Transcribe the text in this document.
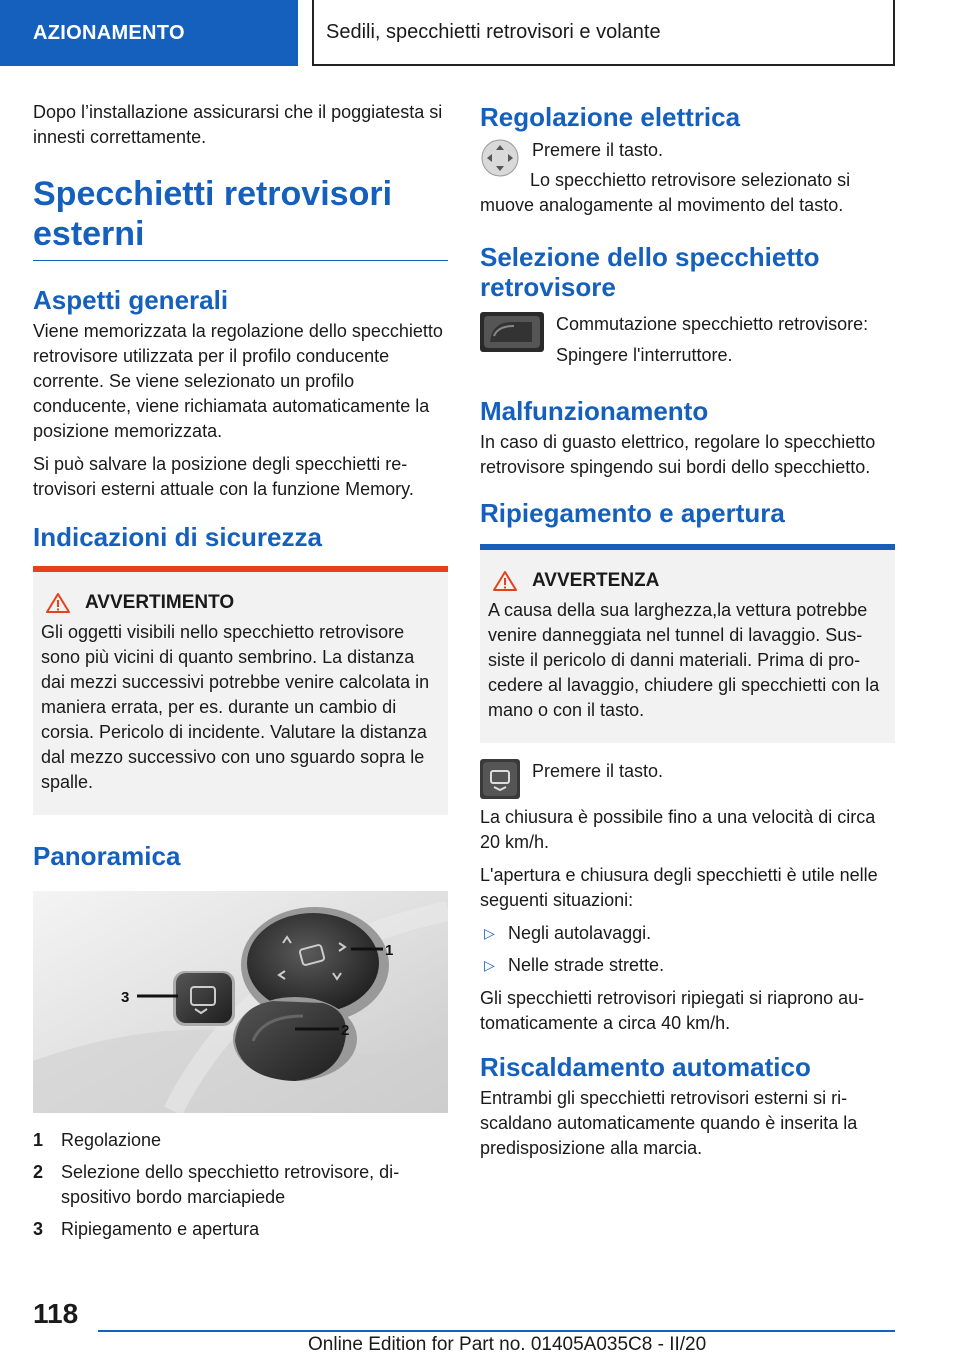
AZIONAMENTO	Sedili, specchietti retrovisori e volante

Dopo l’installazione assicurarsi che il poggiatesta si innesti correttamente.

Specchietti retrovisori esterni
Aspetti generali

Viene memorizzata la regolazione dello specchietto retrovisore utilizzata per il profilo conducente corrente. Se viene selezionato un profilo conducente, viene richiamata automaticamente la posizione memorizzata.

Si può salvare la posizione degli specchietti retrovisori esterni attuale con la funzione Memory.

Indicazioni di sicurezza
AVVERTIMENTO

Gli oggetti visibili nello specchietto retrovisore sono più vicini di quanto sembrino. La distanza dai mezzi successivi potrebbe venire calcolata in maniera errata, per es. durante un cambio di corsia. Pericolo di incidente. Valutare la distanza dal mezzo successivo con uno sguardo sopra le spalle.

Panoramica
1
2
3
1 Regolazione
2 Selezione dello specchietto retrovisore, dispositivo bordo marciapiede
3 Ripiegamento e apertura
Regolazione elettrica

Premere il tasto.

Lo specchietto retrovisore selezionato si muove analogamente al movimento del tasto.

Selezione dello specchietto retrovisore

Commutazione specchietto retrovisore:

Spingere l'interruttore.

Malfunzionamento

In caso di guasto elettrico, regolare lo specchietto retrovisore spingendo sui bordi dello specchietto.

Ripiegamento e apertura
AVVERTENZA

A causa della sua larghezza,la vettura potrebbe venire danneggiata nel tunnel di lavaggio. Sussiste il pericolo di danni materiali. Prima di procedere al lavaggio, chiudere gli specchietti con la mano o con il tasto.

Premere il tasto.

La chiusura è possibile fino a una velocità di circa 20 km/h.

L'apertura e chiusura degli specchietti è utile nelle seguenti situazioni:

▷ Negli autolavaggi.
▷ Nelle strade strette.

Gli specchietti retrovisori ripiegati si riaprono automaticamente a circa 40 km/h.

Riscaldamento automatico

Entrambi gli specchietti retrovisori esterni si riscaldano automaticamente quando è inserita la predisposizione alla marcia.

118
Online Edition for Part no. 01405A035C8 - II/20
